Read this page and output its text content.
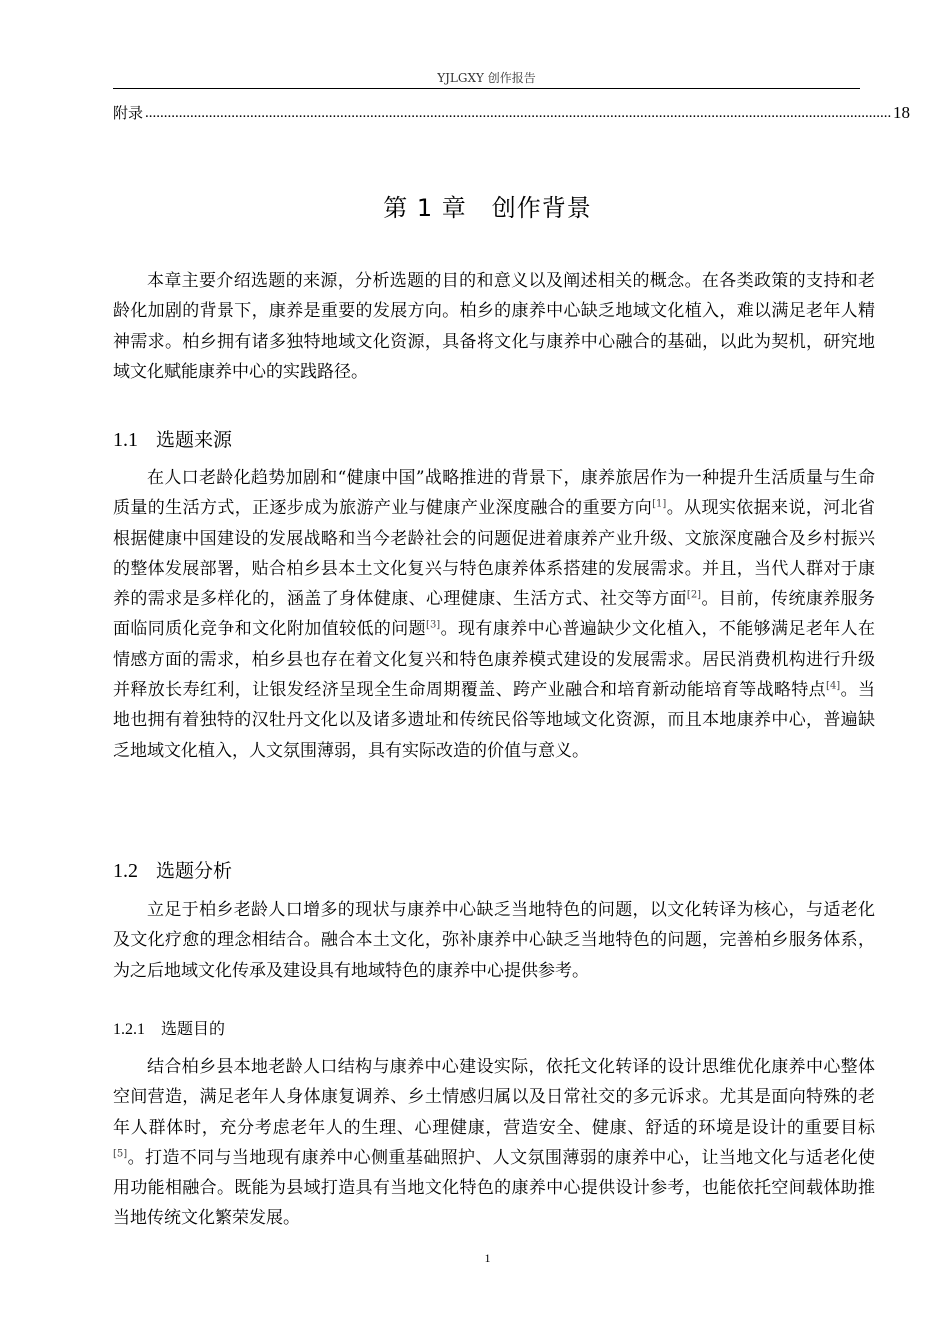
YJLGXY 创作报告
附录
.....	18
第 1 章　创作背景

本章主要介绍选题的来源，分析选题的目的和意义以及阐述相关的概念。在各类政策的支持和老龄化加剧的背景下，康养是重要的发展方向。柏乡的康养中心缺乏地域文化植入，难以满足老年人精神需求。柏乡拥有诸多独特地域文化资源，具备将文化与康养中心融合的基础，以此为契机，研究地域文化赋能康养中心的实践路径。

1.1 选题来源

在人口老龄化趋势加剧和“健康中国”战略推进的背景下，康养旅居作为一种提升生活质量与生命质量的生活方式，正逐步成为旅游产业与健康产业深度融合的重要方向[1]。从现实依据来说，河北省根据健康中国建设的发展战略和当今老龄社会的问题促进着康养产业升级、文旅深度融合及乡村振兴的整体发展部署，贴合柏乡县本土文化复兴与特色康养体系搭建的发展需求。并且，当代人群对于康养的需求是多样化的，涵盖了身体健康、心理健康、生活方式、社交等方面[2]。目前，传统康养服务面临同质化竞争和文化附加值较低的问题[3]。现有康养中心普遍缺少文化植入，不能够满足老年人在情感方面的需求，柏乡县也存在着文化复兴和特色康养模式建设的发展需求。居民消费机构进行升级并释放长寿红利，让银发经济呈现全生命周期覆盖、跨产业融合和培育新动能培育等战略特点[4]。当地也拥有着独特的汉牡丹文化以及诸多遗址和传统民俗等地域文化资源，而且本地康养中心，普遍缺乏地域文化植入，人文氛围薄弱，具有实际改造的价值与意义。

1.2 选题分析

立足于柏乡老龄人口增多的现状与康养中心缺乏当地特色的问题，以文化转译为核心，与适老化及文化疗愈的理念相结合。融合本土文化，弥补康养中心缺乏当地特色的问题，完善柏乡服务体系，为之后地域文化传承及建设具有地域特色的康养中心提供参考。

1.2.1 选题目的

结合柏乡县本地老龄人口结构与康养中心建设实际，依托文化转译的设计思维优化康养中心整体空间营造，满足老年人身体康复调养、乡土情感归属以及日常社交的多元诉求。尤其是面向特殊的老年人群体时，充分考虑老年人的生理、心理健康，营造安全、健康、舒适的环境是设计的重要目标[5]。打造不同与当地现有康养中心侧重基础照护、人文氛围薄弱的康养中心，让当地文化与适老化使用功能相融合。既能为县域打造具有当地文化特色的康养中心提供设计参考，也能依托空间载体助推当地传统文化繁荣发展。

1
